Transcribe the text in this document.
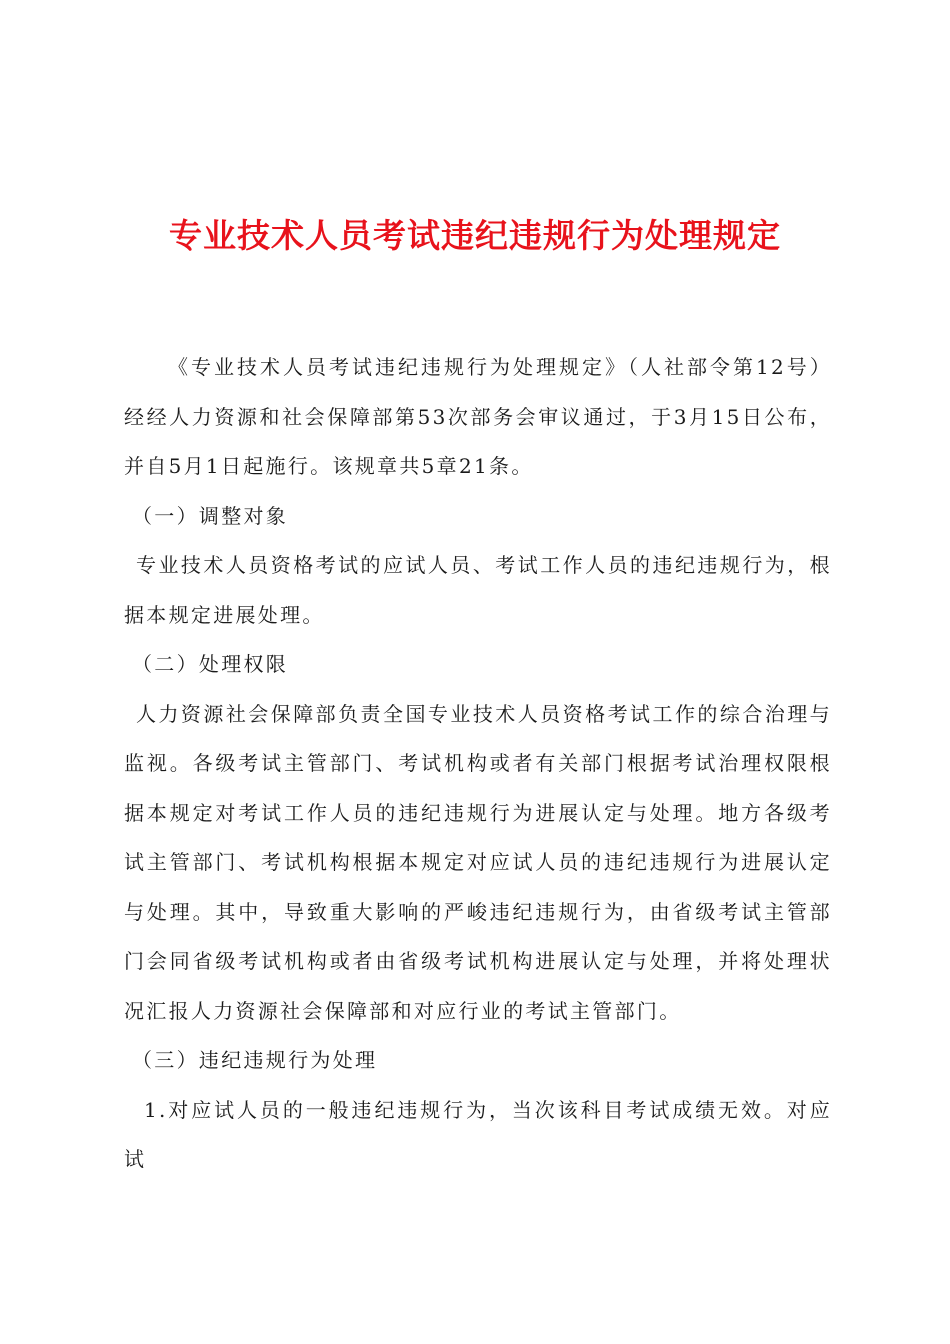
专业技术人员考试违纪违规行为处理规定

《专业技术人员考试违纪违规行为处理规定》（人社部令第12号）经经人力资源和社会保障部第53次部务会审议通过，于3月15日公布，并自5月1日起施行。该规章共5章21条。

（一）调整对象

专业技术人员资格考试的应试人员、考试工作人员的违纪违规行为，根据本规定进展处理。

（二）处理权限

人力资源社会保障部负责全国专业技术人员资格考试工作的综合治理与监视。各级考试主管部门、考试机构或者有关部门根据考试治理权限根据本规定对考试工作人员的违纪违规行为进展认定与处理。地方各级考试主管部门、考试机构根据本规定对应试人员的违纪违规行为进展认定与处理。其中，导致重大影响的严峻违纪违规行为，由省级考试主管部门会同省级考试机构或者由省级考试机构进展认定与处理，并将处理状况汇报人力资源社会保障部和对应行业的考试主管部门。

（三）违纪违规行为处理

1.对应试人员的一般违纪违规行为，当次该科目考试成绩无效。对应试
